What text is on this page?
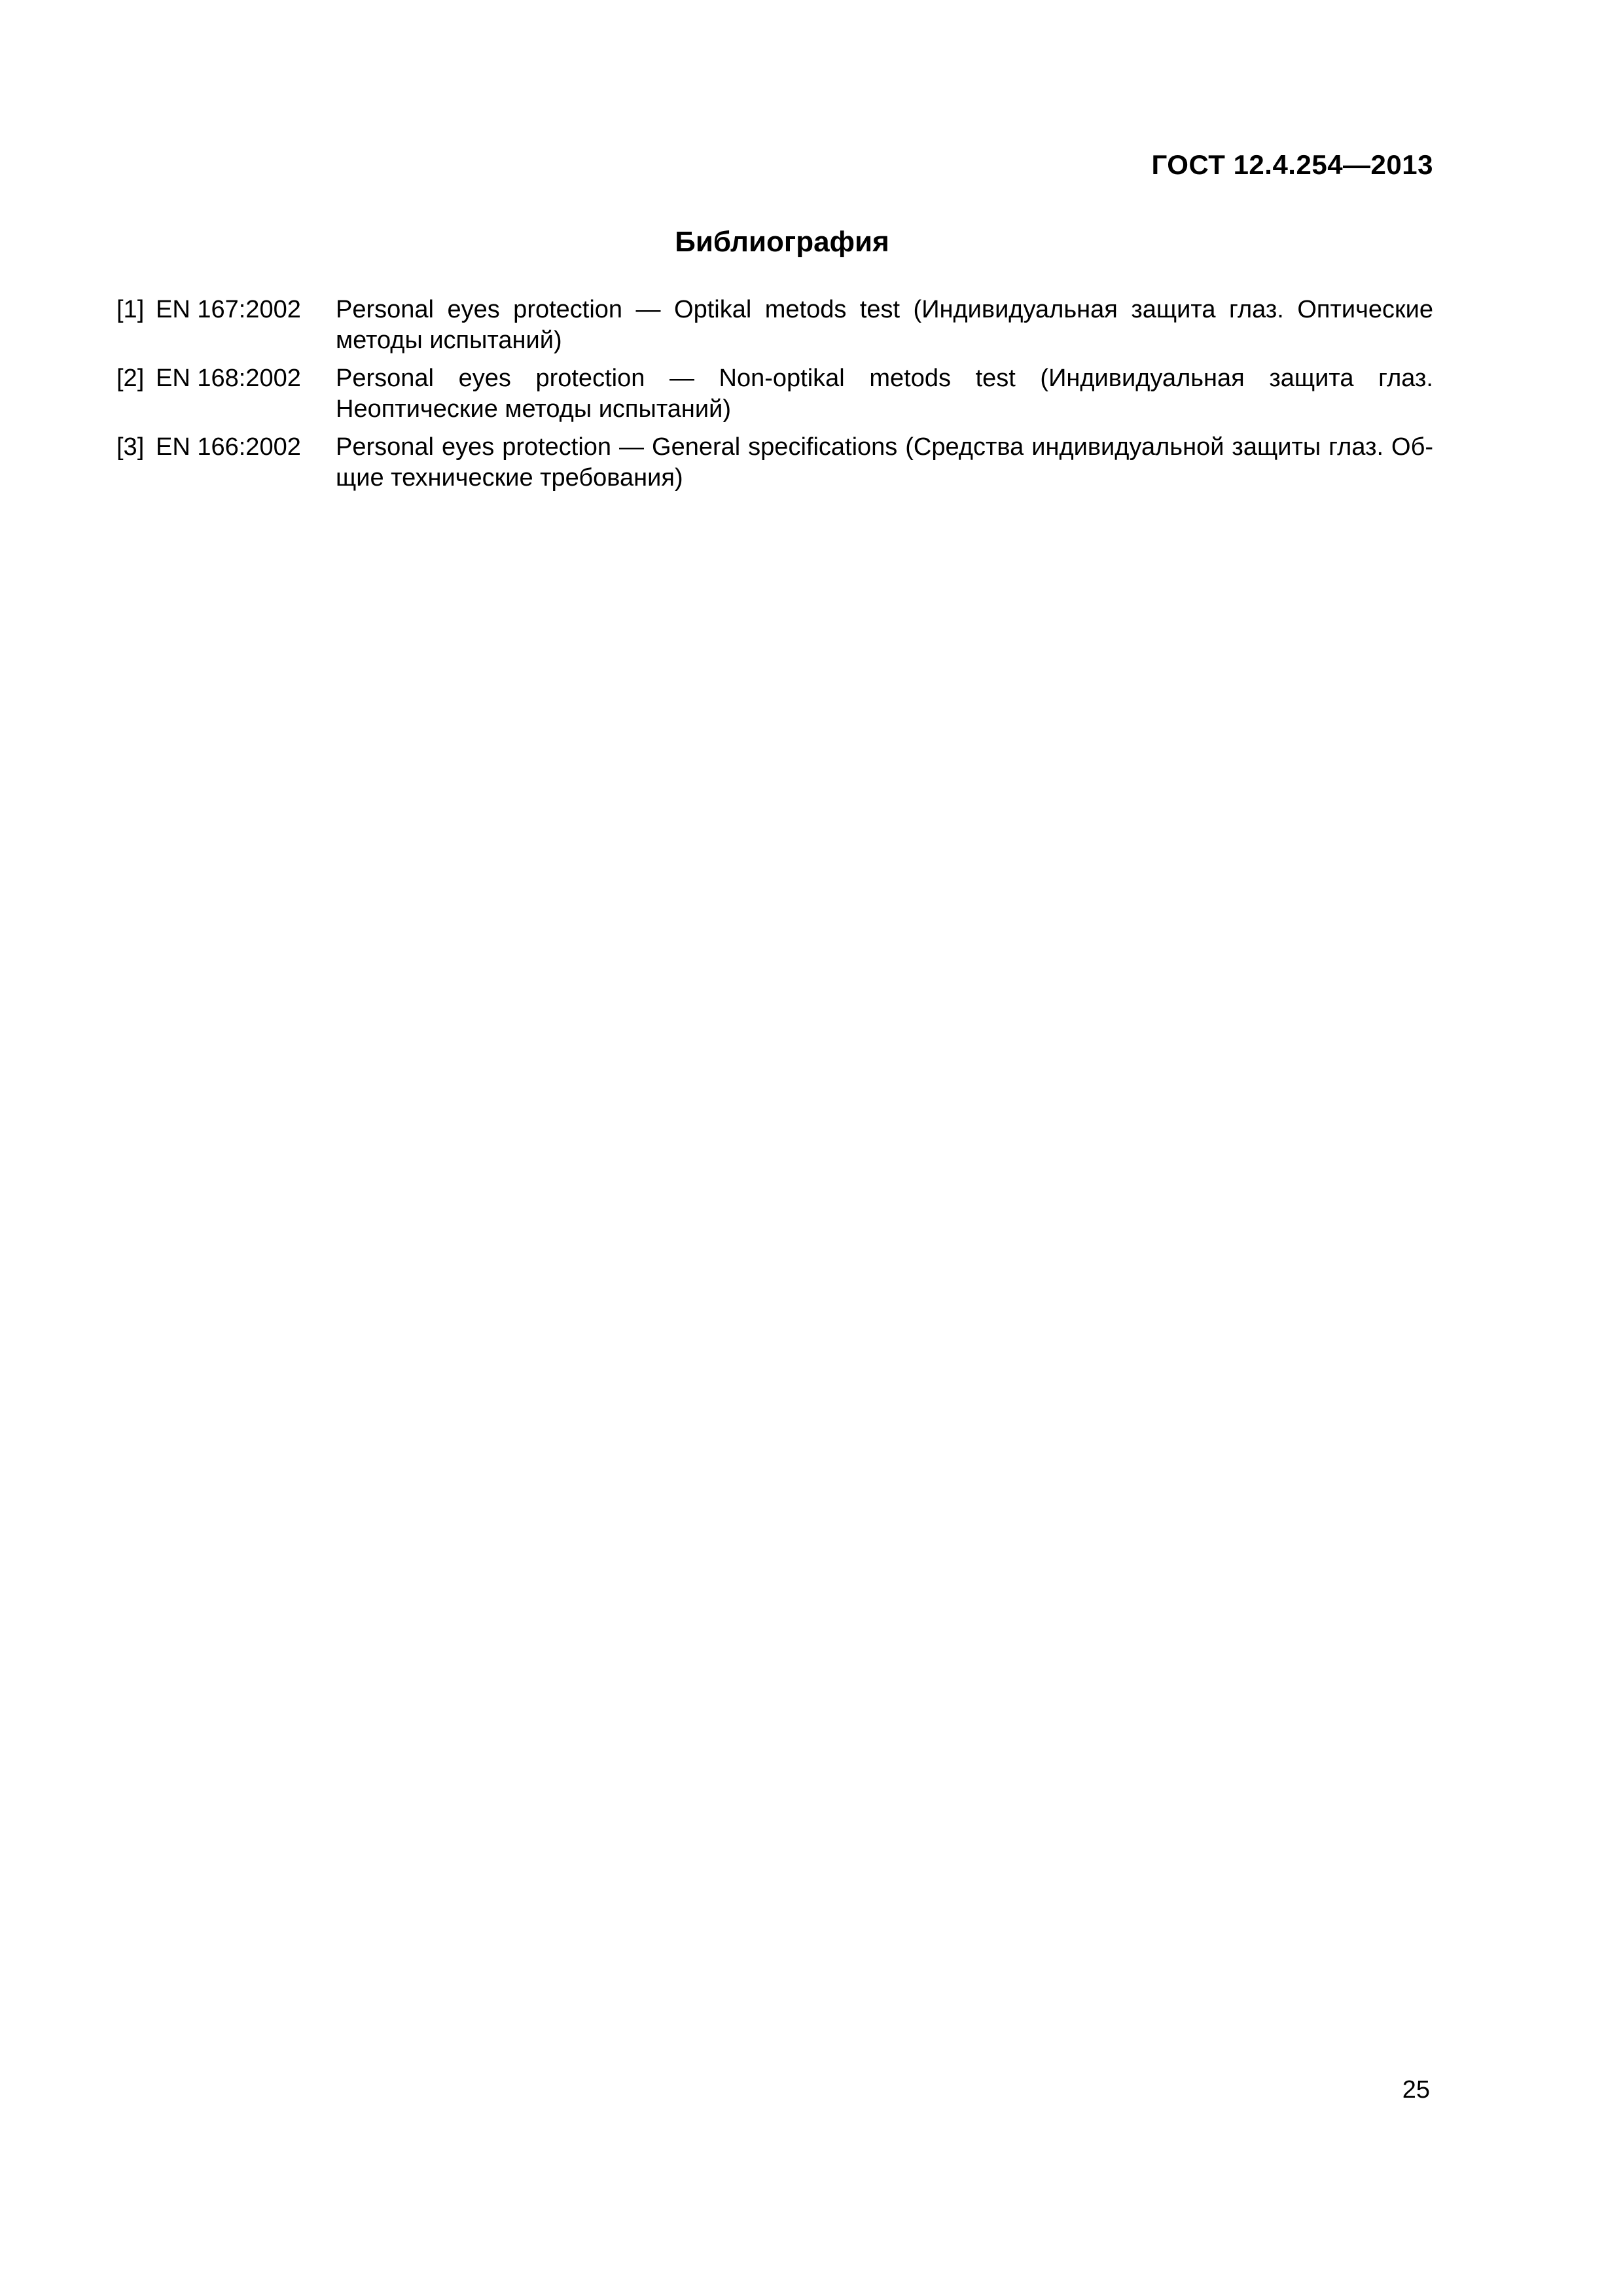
ГОСТ 12.4.254—2013
Библиография
[1] EN 167:2002	Personal eyes protection — Optikal metods test (Индивидуальная защита глаз. Оптические методы испытаний)
[2] EN 168:2002	Personal eyes protection — Non-optikal metods test (Индивидуальная защита глаз. Неоптические методы испытаний)
[3] EN 166:2002	Personal eyes protection — General specifications (Средства индивидуальной защиты глаз. Общие технические требования)
25
